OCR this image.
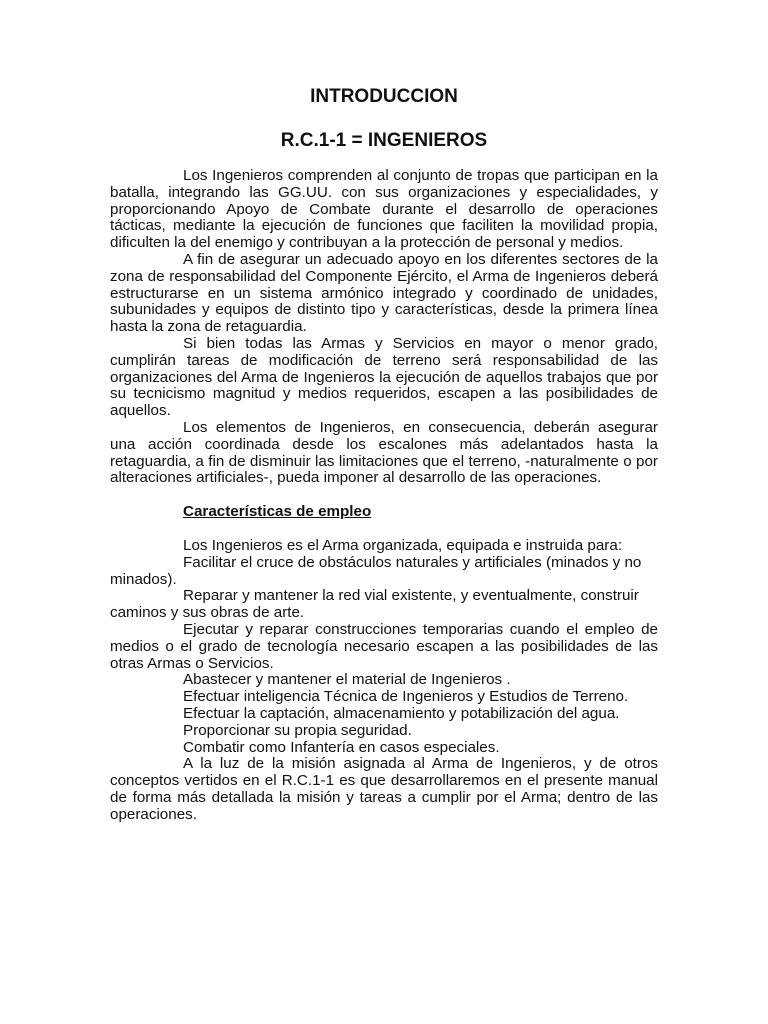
INTRODUCCION
R.C.1-1 = INGENIEROS

Los Ingenieros comprenden al conjunto de tropas que participan en la batalla, integrando las GG.UU. con sus organizaciones y especialidades, y proporcionando Apoyo de Combate durante el desarrollo de operaciones tácticas, mediante la ejecución de funciones que faciliten la movilidad propia, dificulten la del enemigo y contribuyan a la protección de personal y medios.

A fin de asegurar un adecuado apoyo en los diferentes sectores de la zona de responsabilidad del Componente Ejército, el Arma de Ingenieros deberá estructurarse en un sistema armónico integrado y coordinado de unidades, subunidades y equipos de distinto tipo y características, desde la primera línea hasta la zona de retaguardia.

Si bien todas las Armas y Servicios en mayor o menor grado, cumplirán tareas de modificación de terreno será responsabilidad de las organizaciones del Arma de Ingenieros la ejecución de aquellos trabajos que por su tecnicismo magnitud y medios requeridos, escapen a las posibilidades de aquellos.

Los elementos de Ingenieros, en consecuencia, deberán asegurar una acción coordinada desde los escalones más adelantados hasta la retaguardia, a fin de disminuir las limitaciones que el terreno, -naturalmente o por alteraciones artificiales-, pueda imponer al desarrollo de las operaciones.

Características de empleo

Los Ingenieros es el Arma organizada, equipada e instruida para:

Facilitar el cruce de obstáculos naturales y artificiales (minados y no minados).

Reparar y mantener la red vial existente, y eventualmente, construir caminos y sus obras de arte.

Ejecutar y reparar construcciones temporarias cuando el empleo de medios o el grado de tecnología necesario escapen a las posibilidades de las otras Armas o Servicios.

Abastecer y mantener el material de Ingenieros .

Efectuar inteligencia Técnica de Ingenieros y Estudios de Terreno.

Efectuar la captación, almacenamiento y potabilización del agua.

Proporcionar su propia seguridad.

Combatir como Infantería en casos especiales.

A la luz de la misión asignada al Arma de Ingenieros, y de otros conceptos vertidos en el R.C.1-1 es que desarrollaremos en el presente manual de forma más detallada la misión y tareas a cumplir por el Arma; dentro de las operaciones.
